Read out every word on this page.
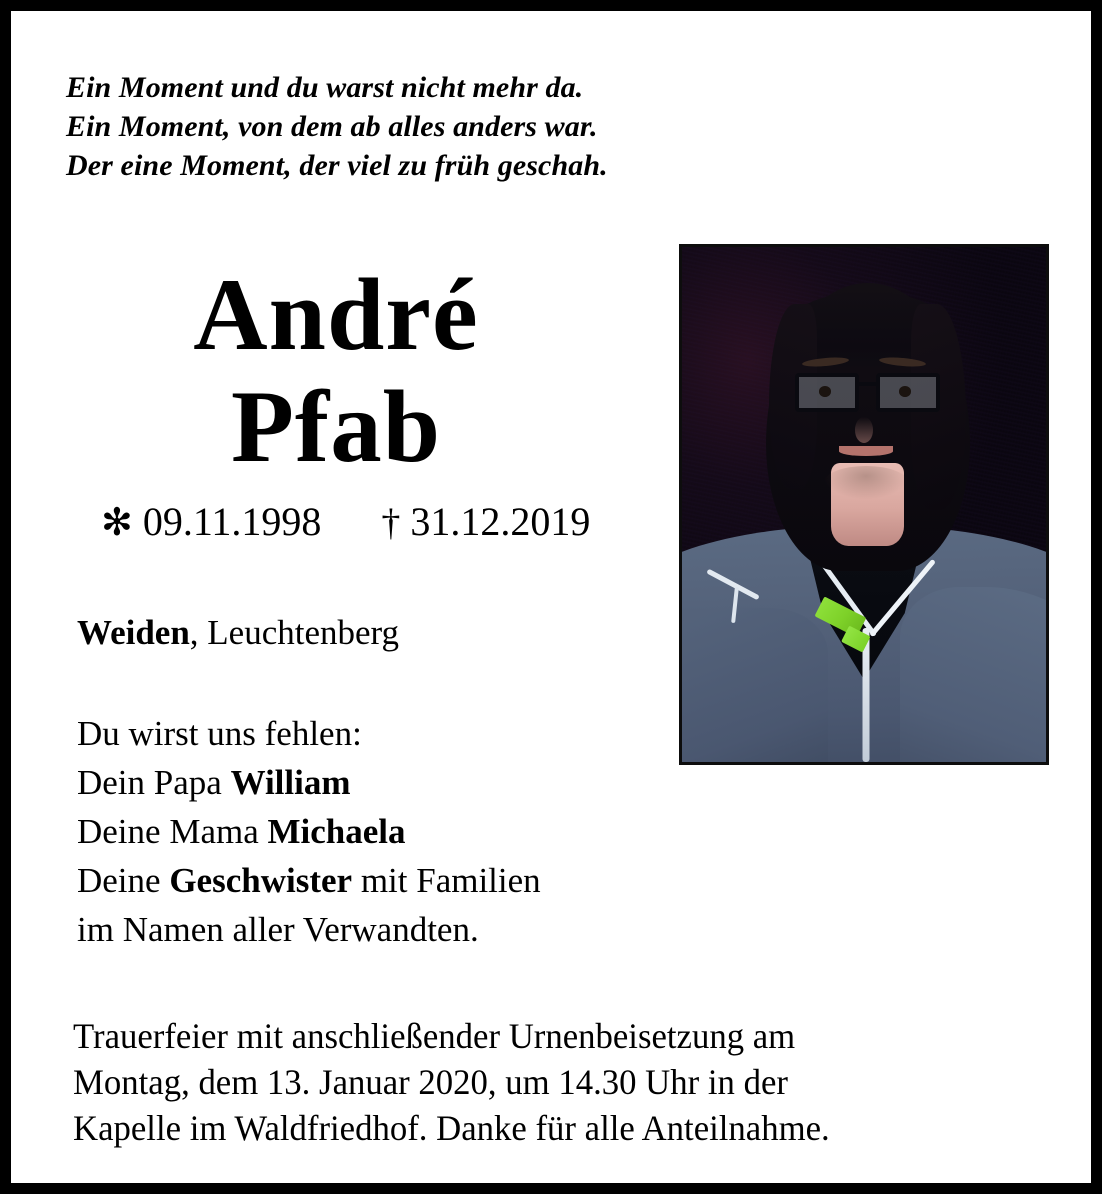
Ein Moment und du warst nicht mehr da.
Ein Moment, von dem ab alles anders war.
Der eine Moment, der viel zu früh geschah.
André
Pfab
✻ 09.11.1998 † 31.12.2019
Weiden, Leuchtenberg
Du wirst uns fehlen:
Dein Papa William
Deine Mama Michaela
Deine Geschwister mit Familien
im Namen aller Verwandten.
Trauerfeier mit anschließender Urnenbeisetzung am
Montag, dem 13. Januar 2020, um 14.30 Uhr in der
Kapelle im Waldfriedhof. Danke für alle Anteilnahme.
